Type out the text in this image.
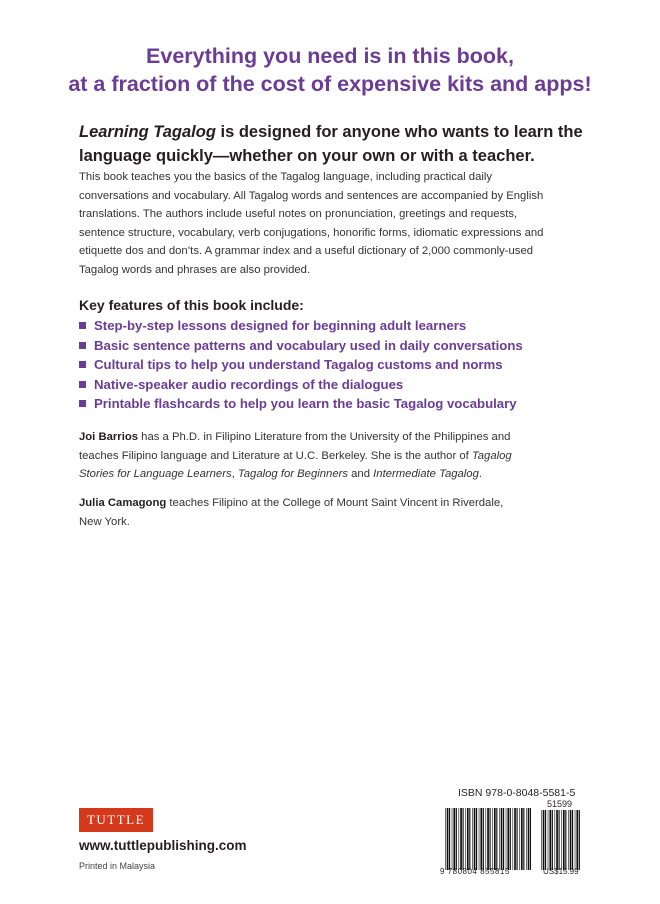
Everything you need is in this book,
at a fraction of the cost of expensive kits and apps!
Learning Tagalog is designed for anyone who wants to learn the
language quickly—whether on your own or with a teacher.
This book teaches you the basics of the Tagalog language, including practical daily
conversations and vocabulary. All Tagalog words and sentences are accompanied by English
translations. The authors include useful notes on pronunciation, greetings and requests,
sentence structure, vocabulary, verb conjugations, honorific forms, idiomatic expressions and
etiquette dos and don’ts. A grammar index and a useful dictionary of 2,000 commonly-used
Tagalog words and phrases are also provided.
Key features of this book include:
Step-by-step lessons designed for beginning adult learners
Basic sentence patterns and vocabulary used in daily conversations
Cultural tips to help you understand Tagalog customs and norms
Native-speaker audio recordings of the dialogues
Printable flashcards to help you learn the basic Tagalog vocabulary
Joi Barrios has a Ph.D. in Filipino Literature from the University of the Philippines and
teaches Filipino language and Literature at U.C. Berkeley. She is the author of Tagalog
Stories for Language Learners, Tagalog for Beginners and Intermediate Tagalog.
Julia Camagong teaches Filipino at the College of Mount Saint Vincent in Riverdale,
New York.
TUTTLE
www.tuttlepublishing.com
Printed in Malaysia
ISBN 978-0-8048-5581-5
51599
9 780804 855815	US$15.99
